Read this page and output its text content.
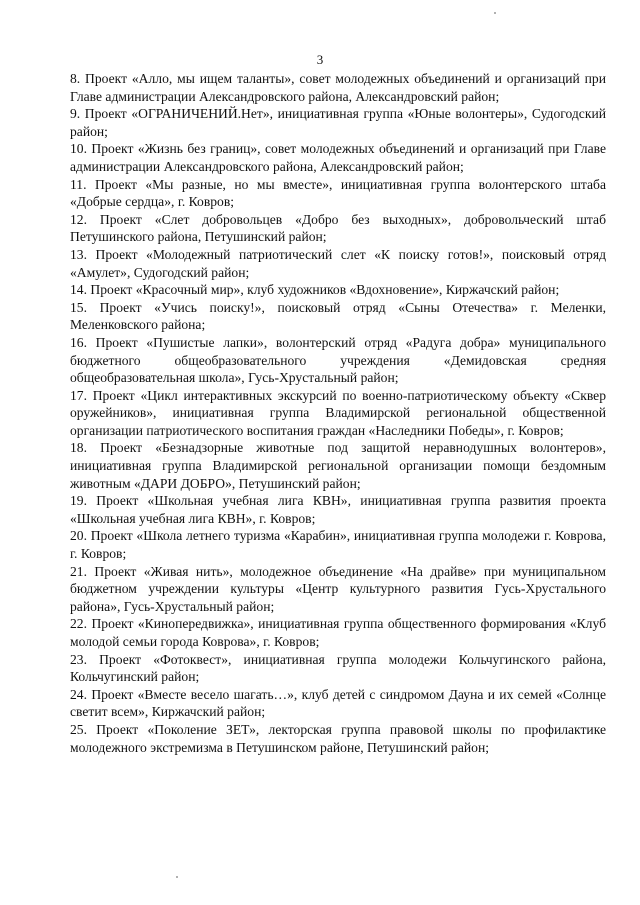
3

8. Проект «Алло, мы ищем таланты», совет молодежных объединений и организаций при Главе администрации Александровского района, Александровский район;

9. Проект «ОГРАНИЧЕНИЙ.Нет», инициативная группа «Юные волонтеры», Судогодский район;

10. Проект «Жизнь без границ», совет молодежных объединений и организаций при Главе администрации Александровского района, Александровский район;

11. Проект «Мы разные, но мы вместе», инициативная группа волонтерского штаба «Добрые сердца», г. Ковров;

12. Проект «Слет добровольцев «Добро без выходных», добровольческий штаб Петушинского района, Петушинский район;

13. Проект «Молодежный патриотический слет «К поиску готов!», поисковый отряд «Амулет», Судогодский район;

14. Проект «Красочный мир», клуб художников «Вдохновение», Киржачский район;

15. Проект «Учись поиску!», поисковый отряд «Сыны Отечества» г. Меленки, Меленковского района;

16. Проект «Пушистые лапки», волонтерский отряд «Радуга добра» муниципального бюджетного общеобразовательного учреждения «Демидовская средняя общеобразовательная школа», Гусь-Хрустальный район;

17. Проект «Цикл интерактивных экскурсий по военно-патриотическому объекту «Сквер оружейников», инициативная группа Владимирской региональной общественной организации патриотического воспитания граждан «Наследники Победы», г. Ковров;

18. Проект «Безнадзорные животные под защитой неравнодушных волонтеров», инициативная группа Владимирской региональной организации помощи бездомным животным «ДАРИ ДОБРО», Петушинский район;

19. Проект «Школьная учебная лига КВН», инициативная группа развития проекта «Школьная учебная лига КВН», г. Ковров;

20. Проект «Школа летнего туризма «Карабин», инициативная группа молодежи г. Коврова, г. Ковров;

21. Проект «Живая нить», молодежное объединение «На драйве» при муниципальном бюджетном учреждении культуры «Центр культурного развития Гусь-Хрустального района», Гусь-Хрустальный район;

22. Проект «Кинопередвижка», инициативная группа общественного формирования «Клуб молодой семьи города Коврова», г. Ковров;

23. Проект «Фотоквест», инициативная группа молодежи Кольчугинского района, Кольчугинский район;

24. Проект «Вместе весело шагать…», клуб детей с синдромом Дауна и их семей «Солнце светит всем», Киржачский район;

25. Проект «Поколение ЗЕТ», лекторская группа правовой школы по профилактике молодежного экстремизма в Петушинском районе, Петушинский район;
